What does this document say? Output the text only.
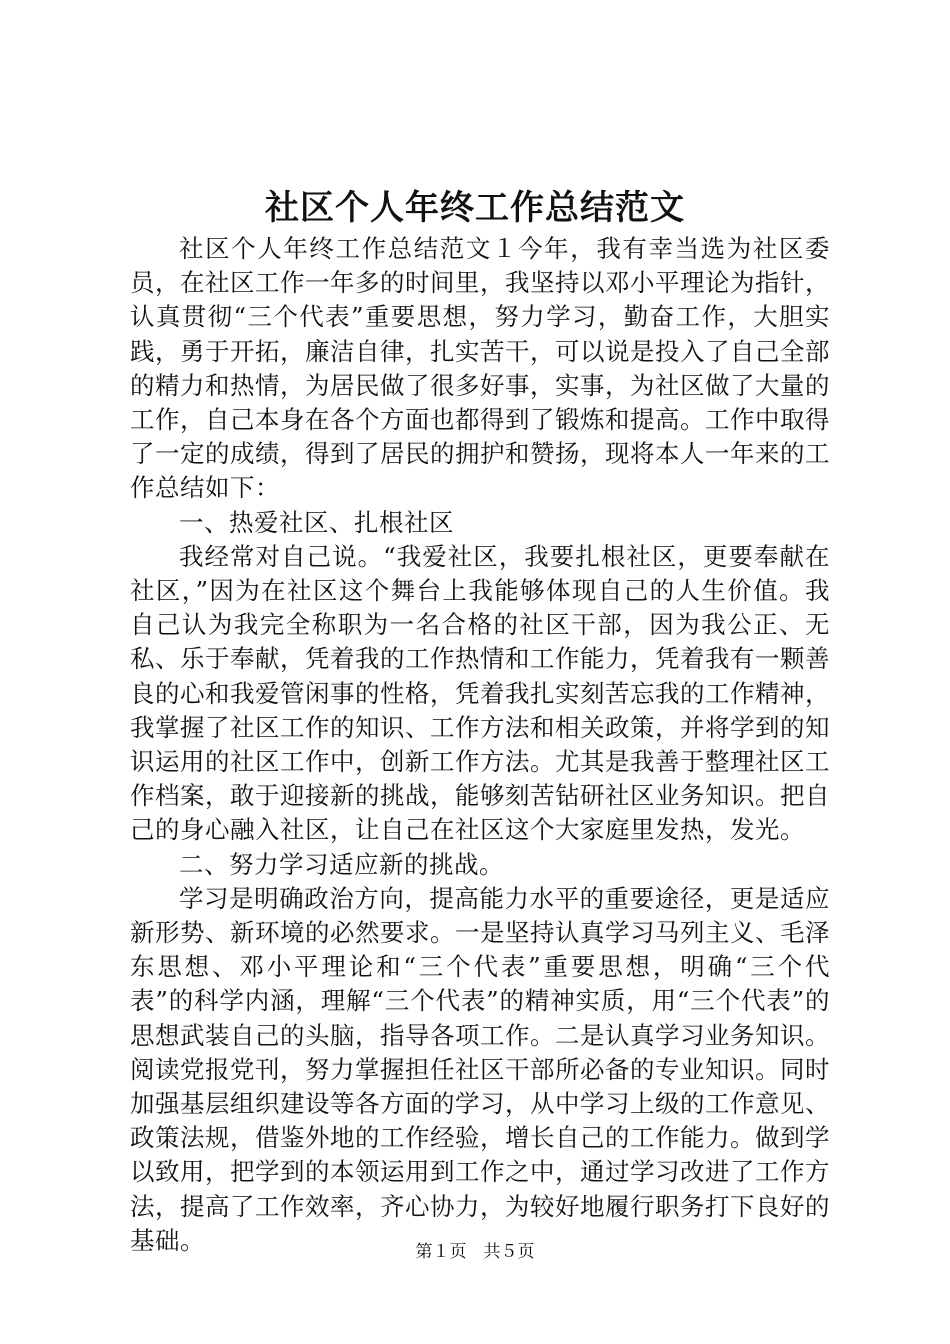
社区个人年终工作总结范文

社区个人年终工作总结范文１今年，我有幸当选为社区委员，在社区工作一年多的时间里，我坚持以邓小平理论为指针，认真贯彻“三个代表”重要思想，努力学习，勤奋工作，大胆实践，勇于开拓，廉洁自律，扎实苦干，可以说是投入了自己全部的精力和热情，为居民做了很多好事，实事，为社区做了大量的工作，自己本身在各个方面也都得到了锻炼和提高。工作中取得了一定的成绩，得到了居民的拥护和赞扬，现将本人一年来的工作总结如下：

一、热爱社区、扎根社区

我经常对自己说。“我爱社区，我要扎根社区，更要奉献在社区，”因为在社区这个舞台上我能够体现自己的人生价值。我自己认为我完全称职为一名合格的社区干部，因为我公正、无私、乐于奉献，凭着我的工作热情和工作能力，凭着我有一颗善良的心和我爱管闲事的性格，凭着我扎实刻苦忘我的工作精神，我掌握了社区工作的知识、工作方法和相关政策，并将学到的知识运用的社区工作中，创新工作方法。尤其是我善于整理社区工作档案，敢于迎接新的挑战，能够刻苦钻研社区业务知识。把自己的身心融入社区，让自己在社区这个大家庭里发热，发光。

二、努力学习适应新的挑战。

学习是明确政治方向，提高能力水平的重要途径，更是适应新形势、新环境的必然要求。一是坚持认真学习马列主义、毛泽东思想、邓小平理论和“三个代表”重要思想，明确“三个代表”的科学内涵，理解“三个代表”的精神实质，用“三个代表”的思想武装自己的头脑，指导各项工作。二是认真学习业务知识。阅读党报党刊，努力掌握担任社区干部所必备的专业知识。同时加强基层组织建设等各方面的学习，从中学习上级的工作意见、政策法规，借鉴外地的工作经验，增长自己的工作能力。做到学以致用，把学到的本领运用到工作之中，通过学习改进了工作方法，提高了工作效率，齐心协力，为较好地履行职务打下良好的基础。	第１页　共５页
